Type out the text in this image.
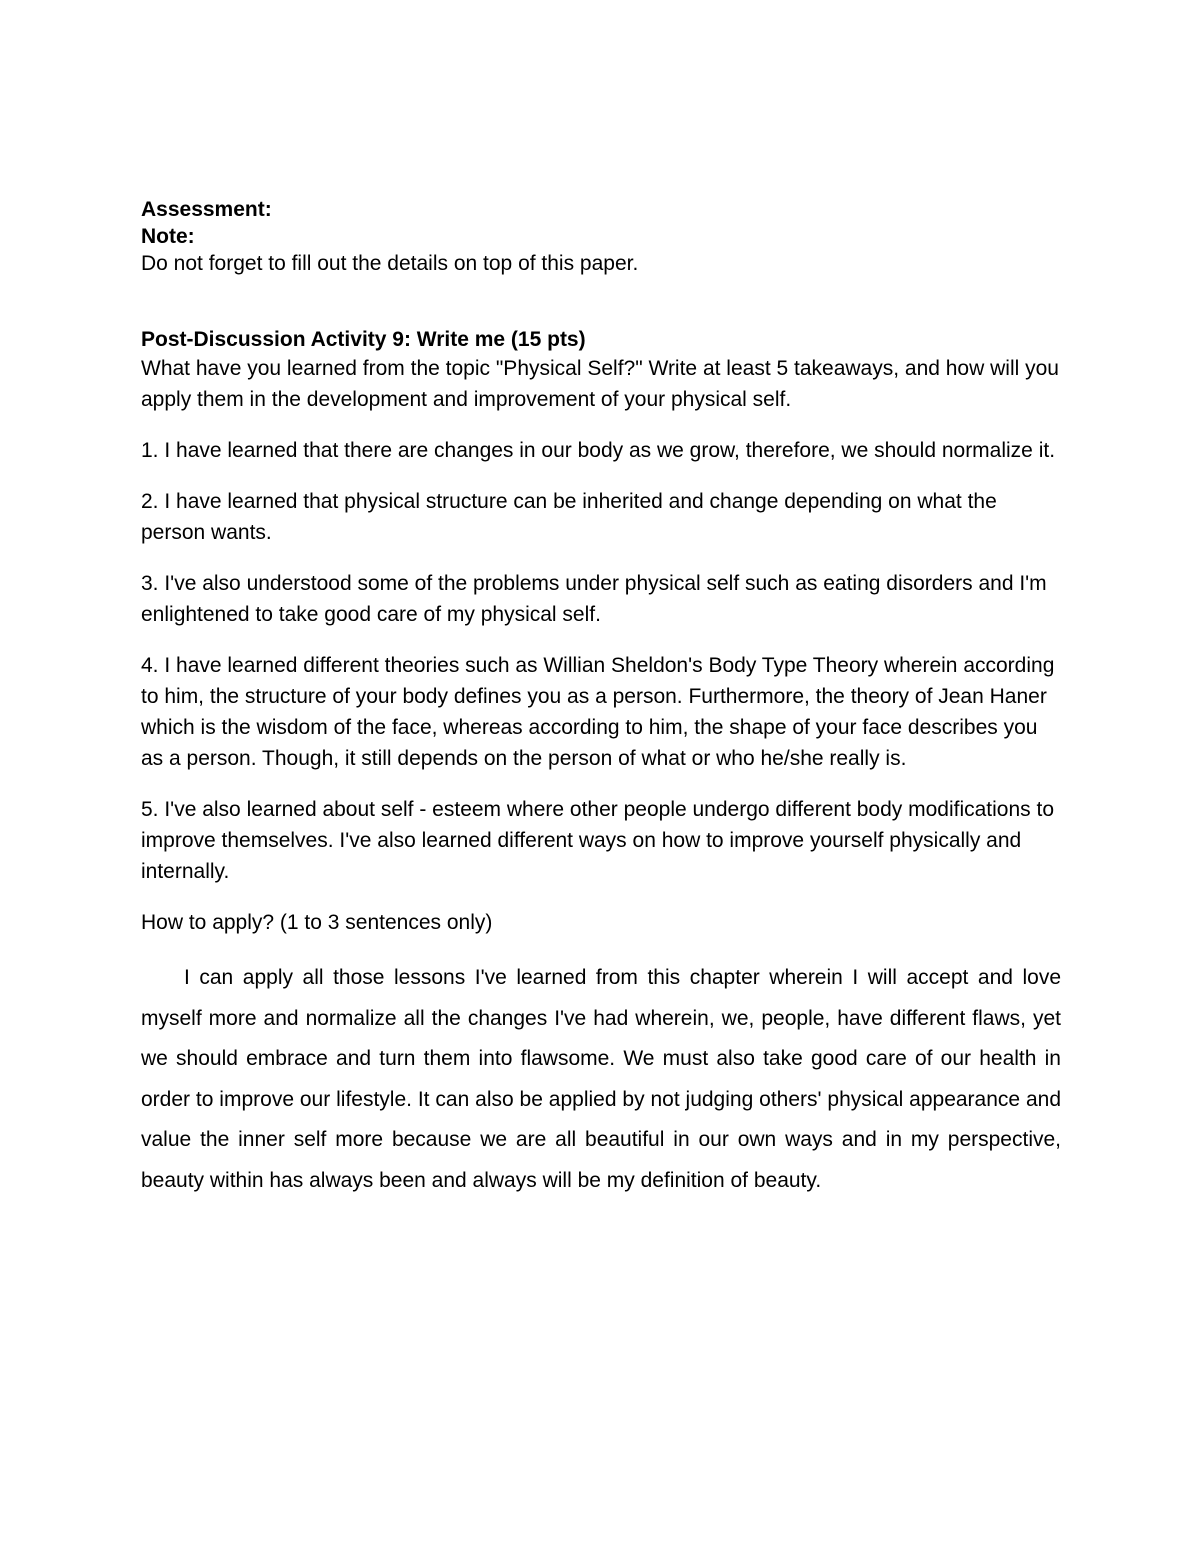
Assessment:

Note:

Do not forget to fill out the details on top of this paper.

Post-Discussion Activity 9: Write me (15 pts)

What have you learned from the topic "Physical Self?" Write at least 5 takeaways, and how will you apply them in the development and improvement of your physical self.

1. I have learned that there are changes in our body as we grow, therefore, we should normalize it.

2. I have learned that physical structure can be inherited and change depending on what the person wants.

3. I've also understood some of the problems under physical self such as eating disorders and I'm enlightened to take good care of my physical self.

4. I have learned different theories such as Willian Sheldon's Body Type Theory wherein according to him, the structure of your body defines you as a person. Furthermore, the theory of Jean Haner which is the wisdom of the face, whereas according to him, the shape of your face describes you as a person. Though, it still depends on the person of what or who he/she really is.

5. I've also learned about self - esteem where other people undergo different body modifications to improve themselves. I've also learned different ways on how to improve yourself physically and internally.

How to apply? (1 to 3 sentences only)

I can apply all those lessons I've learned from this chapter wherein I will accept and love myself more and normalize all the changes I've had wherein, we, people, have different flaws, yet we should embrace and turn them into flawsome. We must also take good care of our health in order to improve our lifestyle. It can also be applied by not judging others' physical appearance and value the inner self more because we are all beautiful in our own ways and in my perspective, beauty within has always been and always will be my definition of beauty.
